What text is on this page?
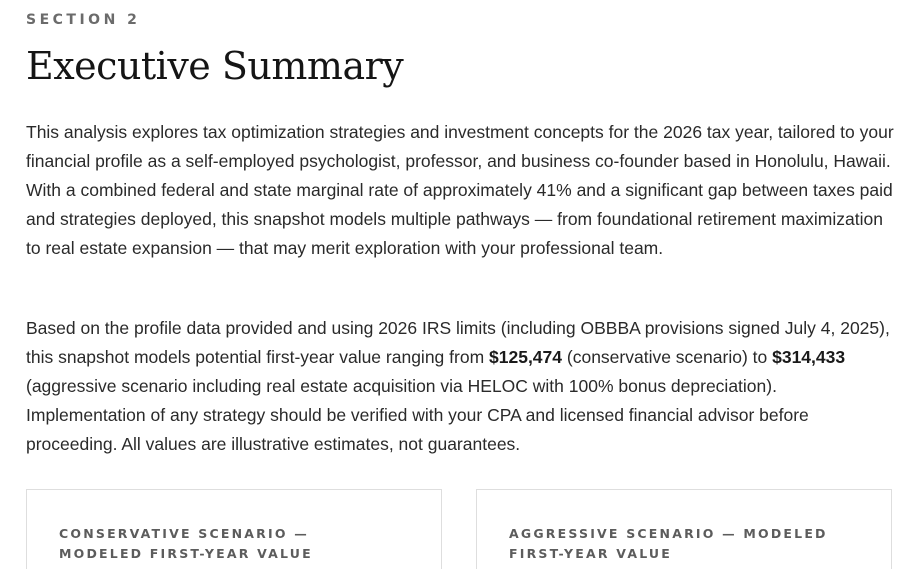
SECTION 2
Executive Summary

This analysis explores tax optimization strategies and investment concepts for the 2026 tax year, tailored to your financial profile as a self-employed psychologist, professor, and business co-founder based in Honolulu, Hawaii. With a combined federal and state marginal rate of approximately 41% and a significant gap between taxes paid and strategies deployed, this snapshot models multiple pathways — from foundational retirement maximization to real estate expansion — that may merit exploration with your professional team.

Based on the profile data provided and using 2026 IRS limits (including OBBBA provisions signed July 4, 2025), this snapshot models potential first-year value ranging from $125,474 (conservative scenario) to $314,433 (aggressive scenario including real estate acquisition via HELOC with 100% bonus depreciation). Implementation of any strategy should be verified with your CPA and licensed financial advisor before proceeding. All values are illustrative estimates, not guarantees.

CONSERVATIVE SCENARIO — MODELED FIRST-YEAR VALUE
AGGRESSIVE SCENARIO — MODELED FIRST-YEAR VALUE
